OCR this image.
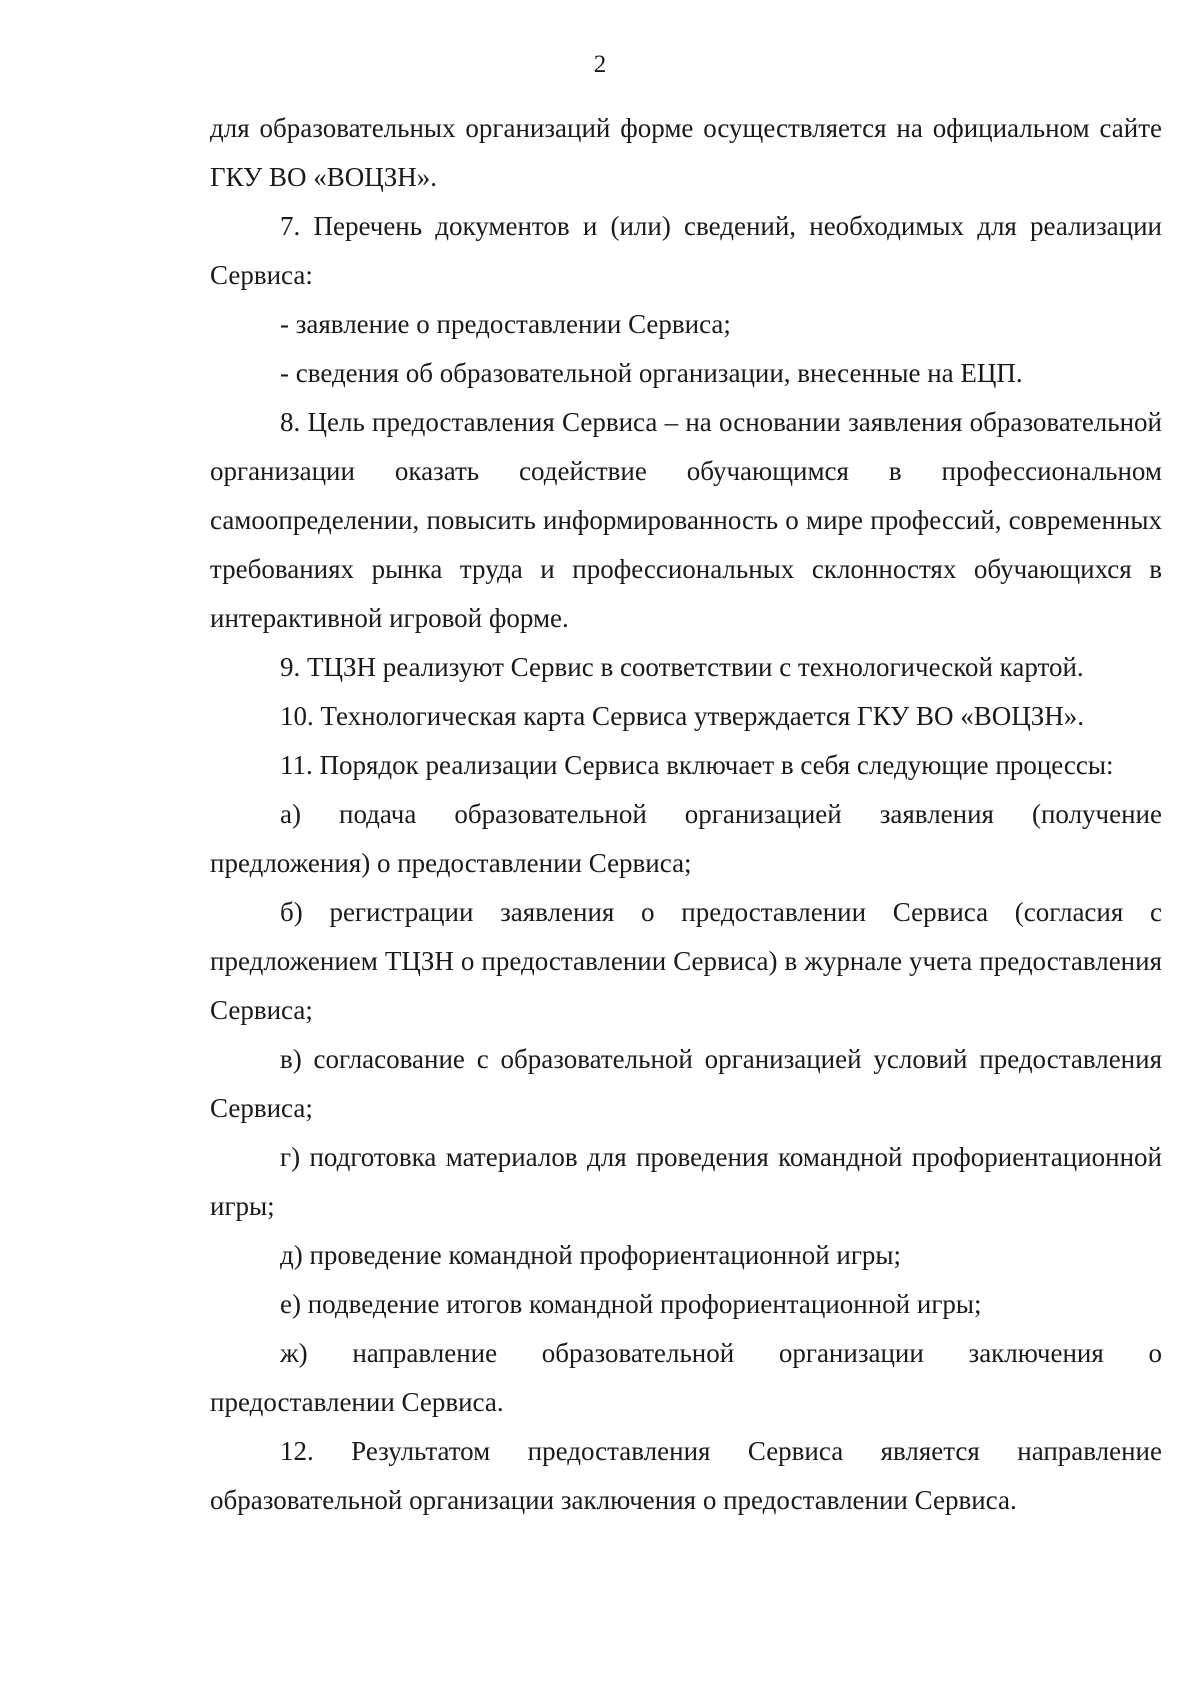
2

для образовательных организаций форме осуществляется на официальном сайте ГКУ ВО «ВОЦЗН».

7. Перечень документов и (или) сведений, необходимых для реализации Сервиса:

- заявление о предоставлении Сервиса;

- сведения об образовательной организации, внесенные на ЕЦП.

8. Цель предоставления Сервиса – на основании заявления образовательной организации оказать содействие обучающимся в профессиональном самоопределении, повысить информированность о мире профессий, современных требованиях рынка труда и профессиональных склонностях обучающихся в интерактивной игровой форме.

9. ТЦЗН реализуют Сервис в соответствии с технологической картой.

10. Технологическая карта Сервиса утверждается ГКУ ВО «ВОЦЗН».

11. Порядок реализации Сервиса включает в себя следующие процессы:

а) подача образовательной организацией заявления (получение предложения) о предоставлении Сервиса;

б) регистрации заявления о предоставлении Сервиса (согласия с предложением ТЦЗН о предоставлении Сервиса) в журнале учета предоставления Сервиса;

в) согласование с образовательной организацией условий предоставления Сервиса;

г) подготовка материалов для проведения командной профориентационной игры;

д) проведение командной профориентационной игры;

е) подведение итогов командной профориентационной игры;

ж) направление образовательной организации заключения о предоставлении Сервиса.

12. Результатом предоставления Сервиса является направление образовательной организации заключения о предоставлении Сервиса.
